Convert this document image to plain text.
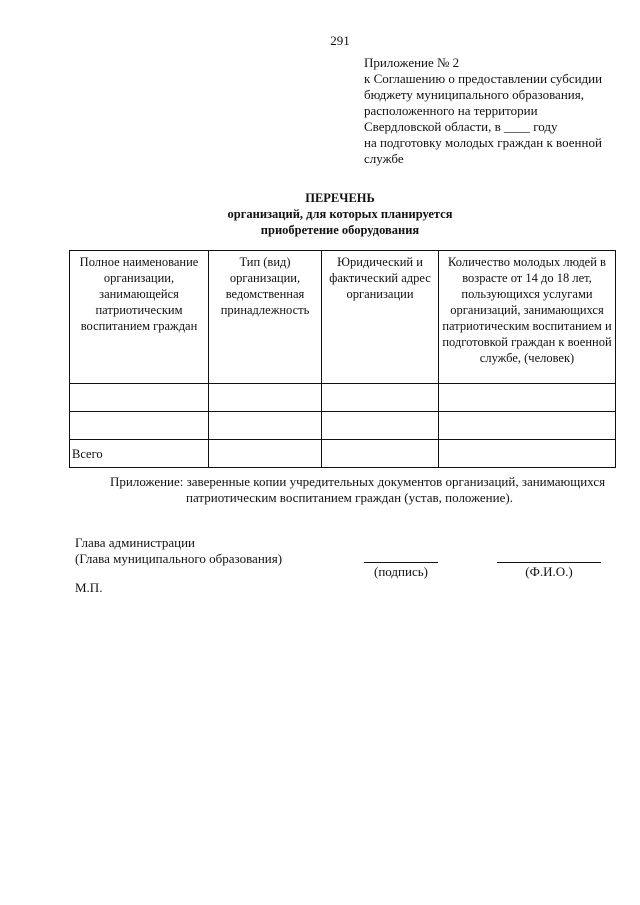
291
Приложение № 2
к Соглашению о предоставлении субсидии
бюджету муниципального образования,
расположенного на территории
Свердловской области, в ____ году
на подготовку молодых граждан к военной
службе
ПЕРЕЧЕНЬ
организаций, для которых планируется
приобретение оборудования
Полное наименование организации, занимающейся патриотическим воспитанием граждан	Тип (вид) организации, ведомственная принадлежность	Юридический и фактический адрес организации	Количество молодых людей в возрасте от 14 до 18 лет, пользующихся услугами организаций, занимающихся патриотическим воспитанием и подготовкой граждан к военной службе, (человек)

Всего			
Приложение: заверенные копии учредительных документов организаций, занимающихся
патриотическим воспитанием граждан (устав, положение).
Глава администрации
(Глава муниципального образования)
(подпись)	(Ф.И.О.)
М.П.
